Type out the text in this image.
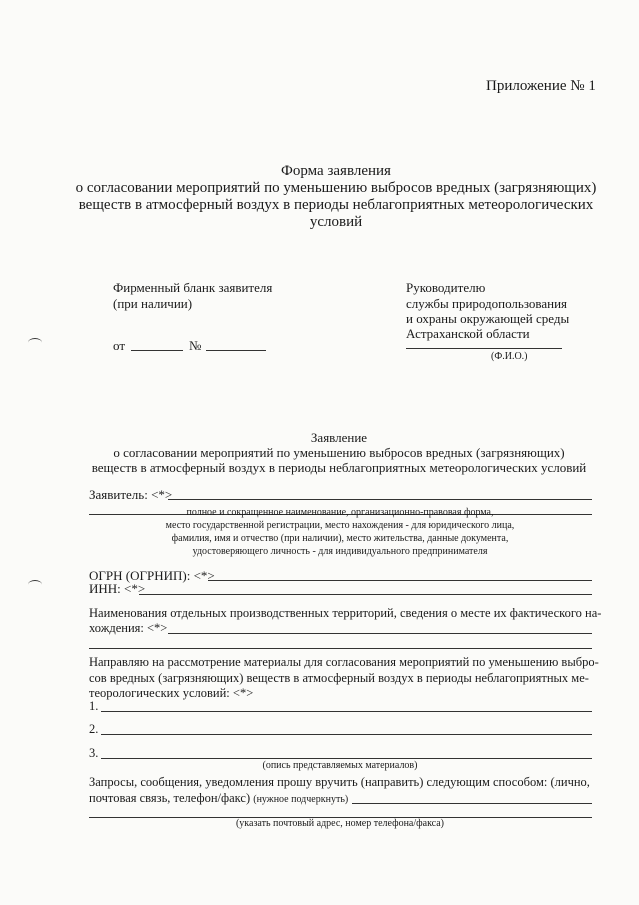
Приложение № 1
Форма заявления
о согласовании мероприятий по уменьшению выбросов вредных (загрязняющих)
веществ в атмосферный воздух в периоды неблагоприятных метеорологических
условий
Фирменный бланк заявителя
(при наличии)
от	№
Руководителю
службы природопользования
и охраны окружающей среды
Астраханской области
(Ф.И.О.)
Заявление
о согласовании мероприятий по уменьшению выбросов вредных (загрязняющих)
веществ в атмосферный воздух в периоды неблагоприятных метеорологических условий
Заявитель: <*>
полное и сокращенное наименование, организационно-правовая форма,
место государственной регистрации, место нахождения - для юридического лица,
фамилия, имя и отчество (при наличии), место жительства, данные документа,
удостоверяющего личность - для индивидуального предпринимателя
ОГРН (ОГРНИП): <*>
ИНН: <*>
Наименования отдельных производственных территорий, сведения о месте их фактического на-
хождения: <*>
Направляю на рассмотрение материалы для согласования мероприятий по уменьшению выбро-
сов вредных (загрязняющих) веществ в атмосферный воздух в периоды неблагоприятных ме-
теорологических условий: <*>
1.
2.
3.
(опись представляемых материалов)
Запросы, сообщения, уведомления прошу вручить (направить) следующим способом: (лично,
почтовая связь, телефон/факс) (нужное подчеркнуть)
(указать почтовый адрес, номер телефона/факса)
